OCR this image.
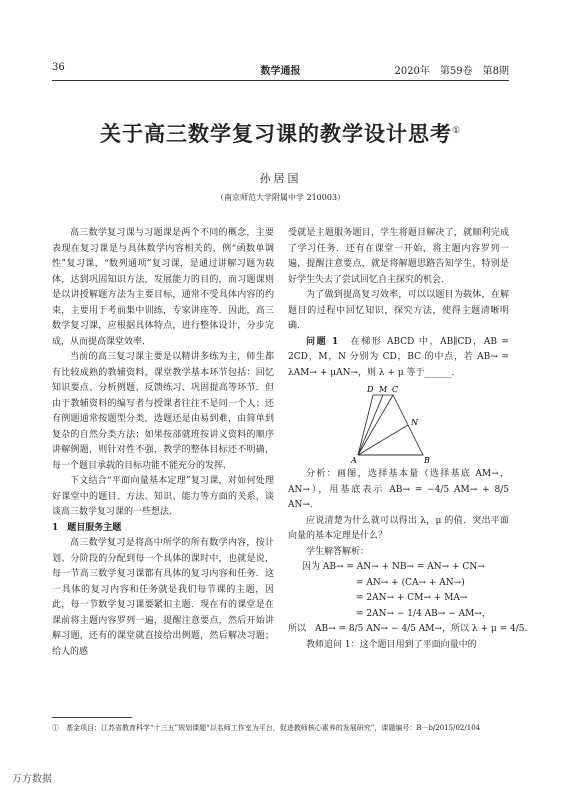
36	数学通报	2020年　第59卷　第8期
关于高三数学复习课的教学设计思考①
孙居国
（南京师范大学附属中学 210003）

高三数学复习课与习题课是两个不同的概念，主要表现在复习课是与具体数学内容相关的，例“函数单调性”复习课，“数列通项”复习课，是通过讲解习题为载体，达到巩固知识方法，发展能力的目的，而习题课则是以讲授解题方法为主要目标，通常不受具体内容的约束，主要用于考前集中训练，专家讲座等．因此，高三数学复习课，应根据具体特点，进行整体设计，分步完成，从而提高课堂效率．

当前的高三复习课主要是以精讲多练为主，师生都有比较成熟的教辅资料，课堂教学基本环节包括：回忆知识要点、分析例题、反馈练习、巩固提高等环节．但由于教辅资料的编写者与授课者往往不是同一个人；还有例题通常按题型分类，选题还是由易到难，由简单到复杂的自然分类方法；如果按部就班按讲义资料的顺序讲解例题，则针对性不强，教学的整体目标还不明确，每一个题目承载的目标功能不能充分的发挥．

下文结合“平面向量基本定理”复习课，对如何处理好课堂中的题目、方法、知识、能力等方面的关系，谈谈高三数学复习课的一些想法．

1　题目服务主题

高三数学复习是将高中所学的所有数学内容，按计划、分阶段的分配到每一个具体的课时中，也就是说，每一节高三数学复习课都有具体的复习内容和任务．这一具体的复习内容和任务就是我们每节课的主题，因此，每一节数学复习课要紧扣主题．现在有的课堂是在课前将主题内容罗列一遍，提醒注意要点，然后开始讲解习题，还有的课堂就直接给出例题，然后解决习题；给人的感

受就是主题服务题目，学生将题目解决了，就顺利完成了学习任务．还有在课堂一开始，将主题内容罗列一遍，提醒注意要点，就是将解题思路告知学生，特别是好学生失去了尝试回忆自主探究的机会．

为了做到提高复习效率，可以以题目为载体，在解题目的过程中回忆知识，探究方法，使得主题清晰明确．

问题 1　 在梯形 ABCD 中，AB∥CD，AB = 2CD，M，N 分别为 CD，BC 的中点，若 AB→ = λAM→ + μAN→，则 λ + μ 等于______．

D M C
N
A	B

分析：画图，选择基本量（选择基底 AM→，AN→），用基底表示 AB→ = −4/5 AM→ + 8/5 AN→．

应说清楚为什么就可以得出 λ，μ 的值．突出平面向量的基本定理是什么？

学生解答解析：

因为 AB→ = AN→ + NB→ = AN→ + CN→

= AN→ + (CA→ + AN→)

= 2AN→ + CM→ + MA→

= 2AN→ − 1/4 AB→ − AM→，

所以　AB→ = 8/5 AN→ − 4/5 AM→，所以 λ + μ = 4/5．

教师追问 1：这个题目用到了平面向量中的

①　基金项目：江苏省教育科学“十三五”规划课题“以名师工作室为平台，促进教师核心素养的发展研究”，课题编号：B－b/2015/02/104
万方数据
